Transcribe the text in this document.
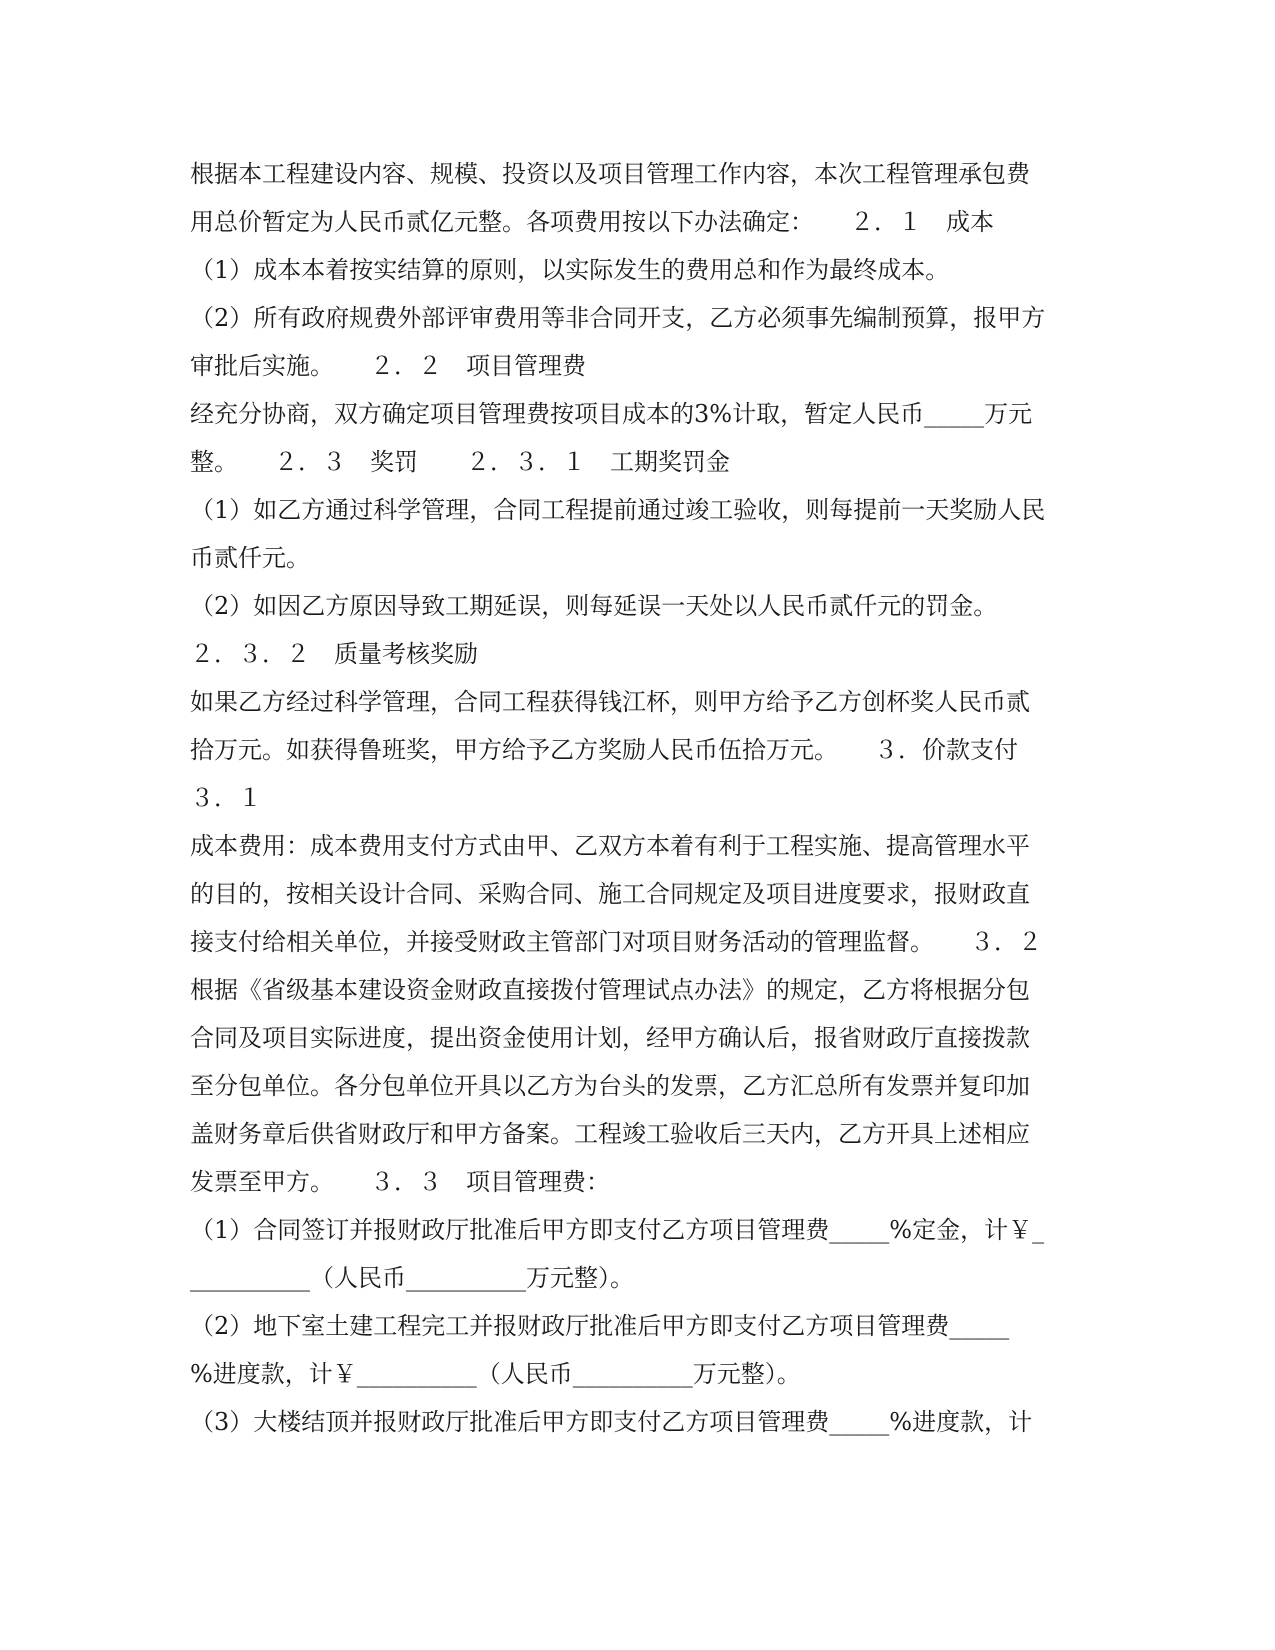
根据本工程建设内容、规模、投资以及项目管理工作内容，本次工程管理承包费
用总价暂定为人民币贰亿元整。各项费用按以下办法确定：　　２．１　成本
（1）成本本着按实结算的原则，以实际发生的费用总和作为最终成本。
（2）所有政府规费外部评审费用等非合同开支，乙方必须事先编制预算，报甲方
审批后实施。　　２．２　项目管理费
经充分协商，双方确定项目管理费按项目成本的3%计取，暂定人民币_____万元
整。　　２．３　奖罚　　２．３．１　工期奖罚金
（1）如乙方通过科学管理，合同工程提前通过竣工验收，则每提前一天奖励人民
币贰仟元。
（2）如因乙方原因导致工期延误，则每延误一天处以人民币贰仟元的罚金。
２．３．２　质量考核奖励
如果乙方经过科学管理，合同工程获得钱江杯，则甲方给予乙方创杯奖人民币贰
拾万元。如获得鲁班奖，甲方给予乙方奖励人民币伍拾万元。　　３．价款支付
３．１
成本费用：成本费用支付方式由甲、乙双方本着有利于工程实施、提高管理水平
的目的，按相关设计合同、采购合同、施工合同规定及项目进度要求，报财政直
接支付给相关单位，并接受财政主管部门对项目财务活动的管理监督。　　３．２
根据《省级基本建设资金财政直接拨付管理试点办法》的规定，乙方将根据分包
合同及项目实际进度，提出资金使用计划，经甲方确认后，报省财政厅直接拨款
至分包单位。各分包单位开具以乙方为台头的发票，乙方汇总所有发票并复印加
盖财务章后供省财政厅和甲方备案。工程竣工验收后三天内，乙方开具上述相应
发票至甲方。　　３．３　项目管理费：
（1）合同签订并报财政厅批准后甲方即支付乙方项目管理费_____%定金，计￥_
__________（人民币__________万元整）。
（2）地下室土建工程完工并报财政厅批准后甲方即支付乙方项目管理费_____
%进度款，计￥__________（人民币__________万元整）。
（3）大楼结顶并报财政厅批准后甲方即支付乙方项目管理费_____%进度款，计
